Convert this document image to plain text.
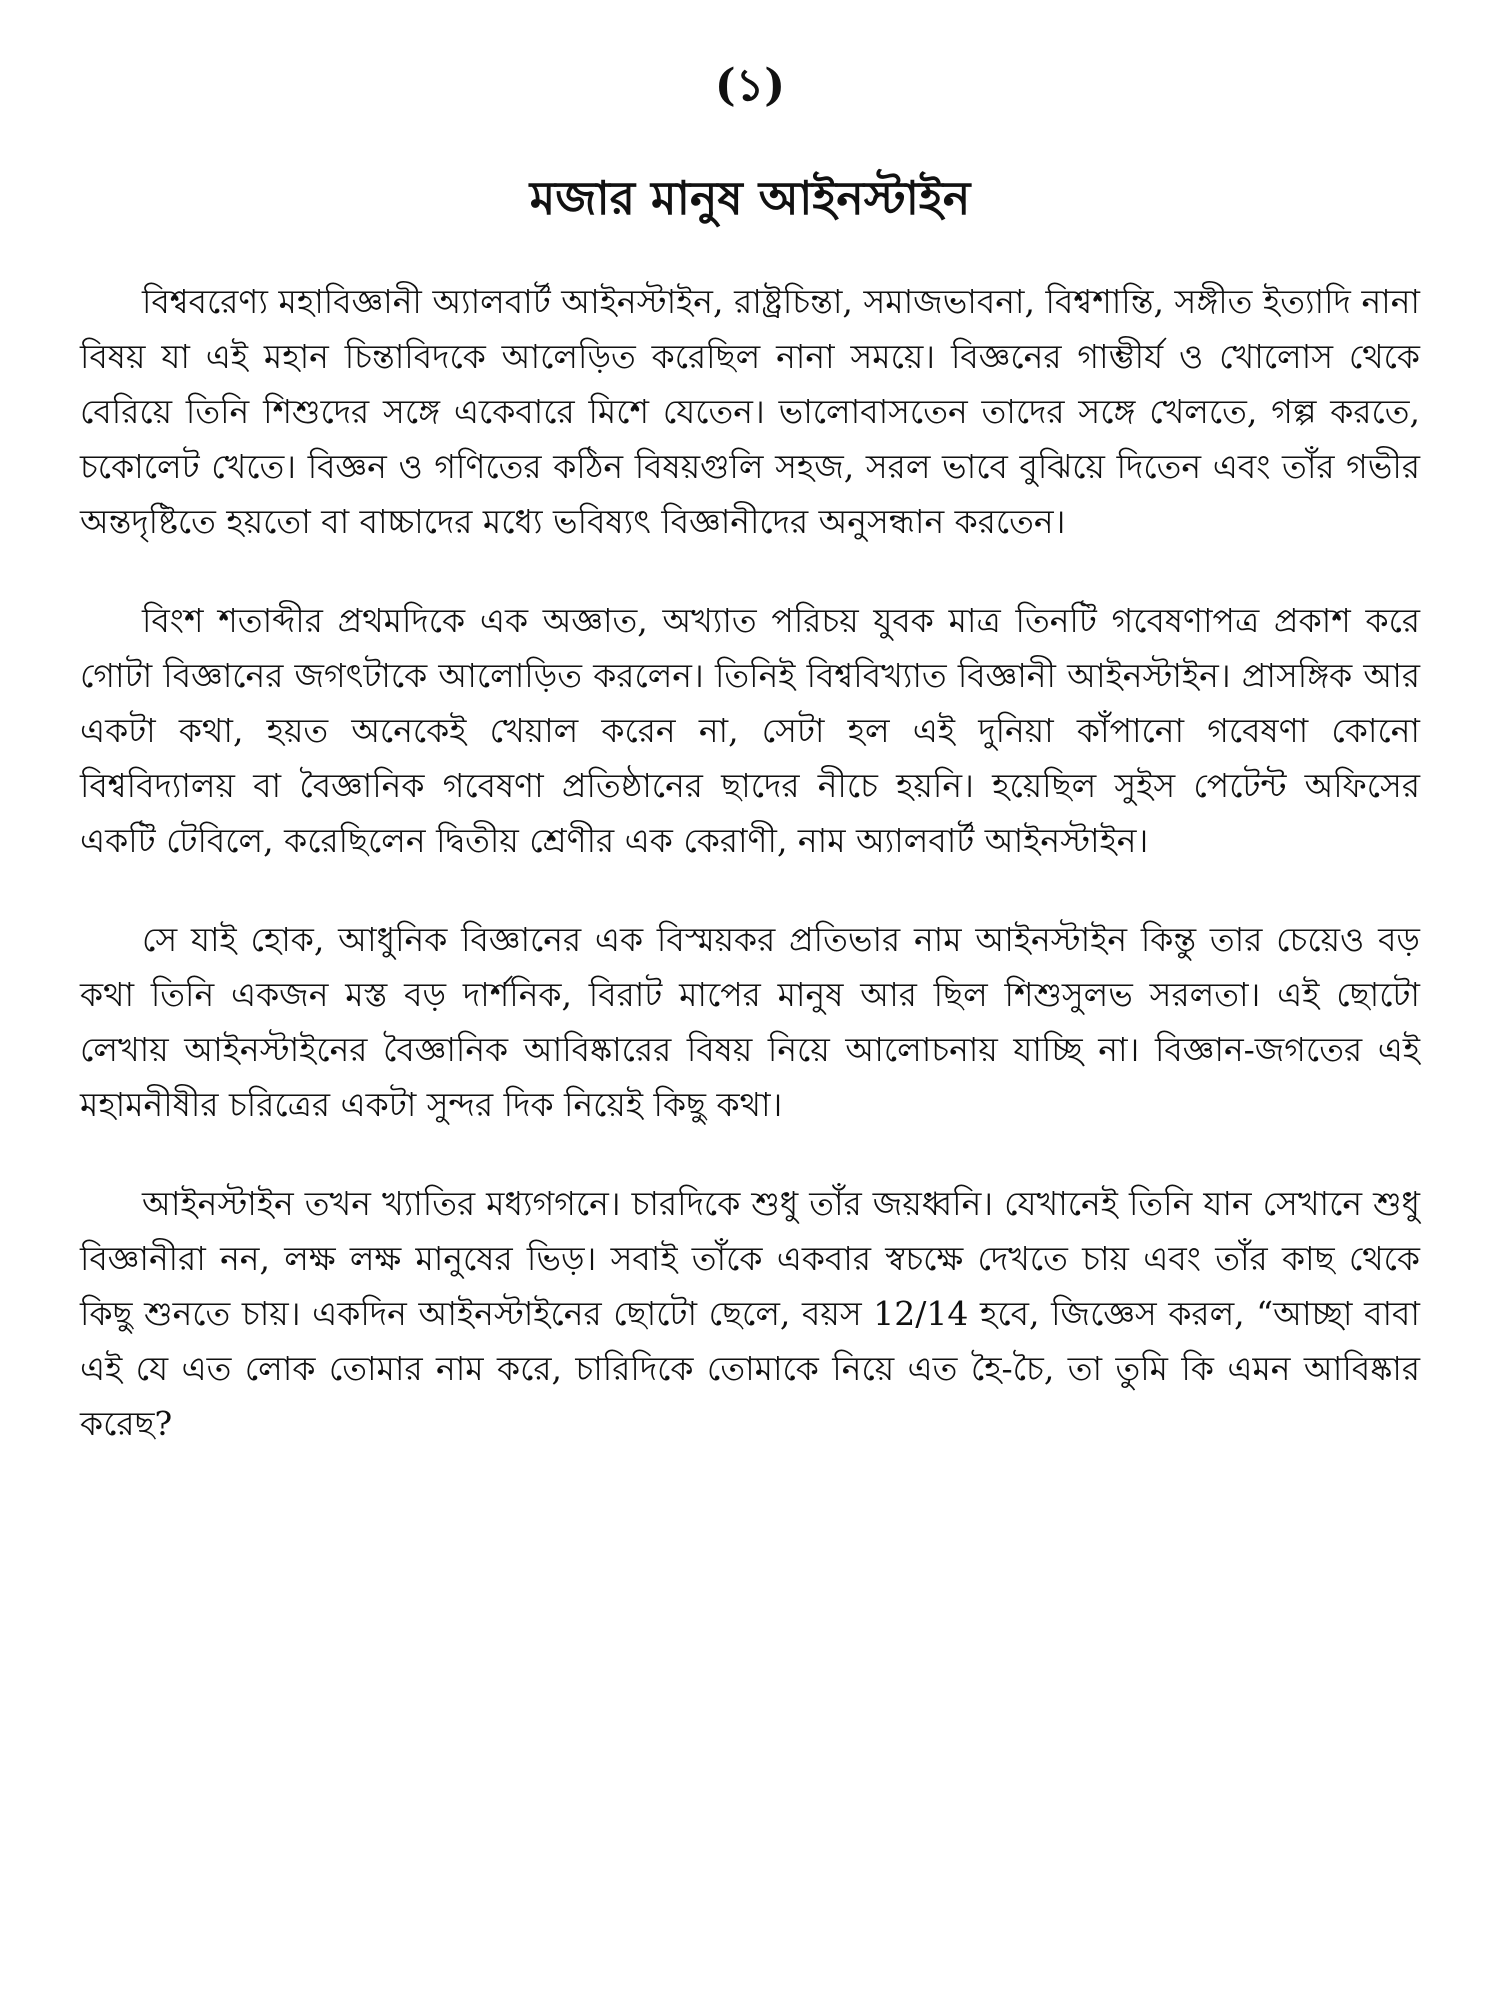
(১)
মজার মানুষ আইনস্টাইন

বিশ্ববরেণ্য মহাবিজ্ঞানী অ্যালবার্ট আইনস্টাইন, রাষ্ট্রচিন্তা, সমাজভাবনা, বিশ্বশান্তি, সঙ্গীত ইত্যাদি নানা বিষয় যা এই মহান চিন্তাবিদকে আলেড়িত করেছিল নানা সময়ে। বিজ্ঞনের গাম্ভীর্য ও খোলোস থেকে বেরিয়ে তিনি শিশুদের সঙ্গে একেবারে মিশে যেতেন। ভালোবাসতেন তাদের সঙ্গে খেলতে, গল্প করতে, চকোলেট খেতে। বিজ্ঞন ও গণিতের কঠিন বিষয়গুলি সহজ, সরল ভাবে বুঝিয়ে দিতেন এবং তাঁর গভীর অন্তদৃষ্টিতে হয়তো বা বাচ্চাদের মধ্যে ভবিষ্যৎ বিজ্ঞানীদের অনুসন্ধান করতেন।

বিংশ শতাব্দীর প্রথমদিকে এক অজ্ঞাত, অখ্যাত পরিচয় যুবক মাত্র তিনটি গবেষণাপত্র প্রকাশ করে গোটা বিজ্ঞানের জগৎটাকে আলোড়িত করলেন। তিনিই বিশ্ববিখ্যাত বিজ্ঞানী আইনস্টাইন। প্রাসঙ্গিক আর একটা কথা, হয়ত অনেকেই খেয়াল করেন না, সেটা হল এই দুনিয়া কাঁপানো গবেষণা কোনো বিশ্ববিদ্যালয় বা বৈজ্ঞানিক গবেষণা প্রতিষ্ঠানের ছাদের নীচে হয়নি। হয়েছিল সুইস পেটেন্ট অফিসের একটি টেবিলে, করেছিলেন দ্বিতীয় শ্রেণীর এক কেরাণী, নাম অ্যালবার্ট আইনস্টাইন।

সে যাই হোক, আধুনিক বিজ্ঞানের এক বিস্ময়কর প্রতিভার নাম আইনস্টাইন কিন্তু তার চেয়েও বড় কথা তিনি একজন মস্ত বড় দার্শনিক, বিরাট মাপের মানুষ আর ছিল শিশুসুলভ সরলতা। এই ছোটো লেখায় আইনস্টাইনের বৈজ্ঞানিক আবিষ্কারের বিষয় নিয়ে আলোচনায় যাচ্ছি না। বিজ্ঞান-জগতের এই মহামনীষীর চরিত্রের একটা সুন্দর দিক নিয়েই কিছু কথা।

আইনস্টাইন তখন খ্যাতির মধ্যগগনে। চারদিকে শুধু তাঁর জয়ধ্বনি। যেখানেই তিনি যান সেখানে শুধু বিজ্ঞানীরা নন, লক্ষ লক্ষ মানুষের ভিড়। সবাই তাঁকে একবার স্বচক্ষে দেখতে চায় এবং তাঁর কাছ থেকে কিছু শুনতে চায়। একদিন আইনস্টাইনের ছোটো ছেলে, বয়স 12/14 হবে, জিজ্ঞেস করল, “আচ্ছা বাবা এই যে এত লোক তোমার নাম করে, চারিদিকে তোমাকে নিয়ে এত হৈ-চৈ, তা তুমি কি এমন আবিষ্কার করেছ?
